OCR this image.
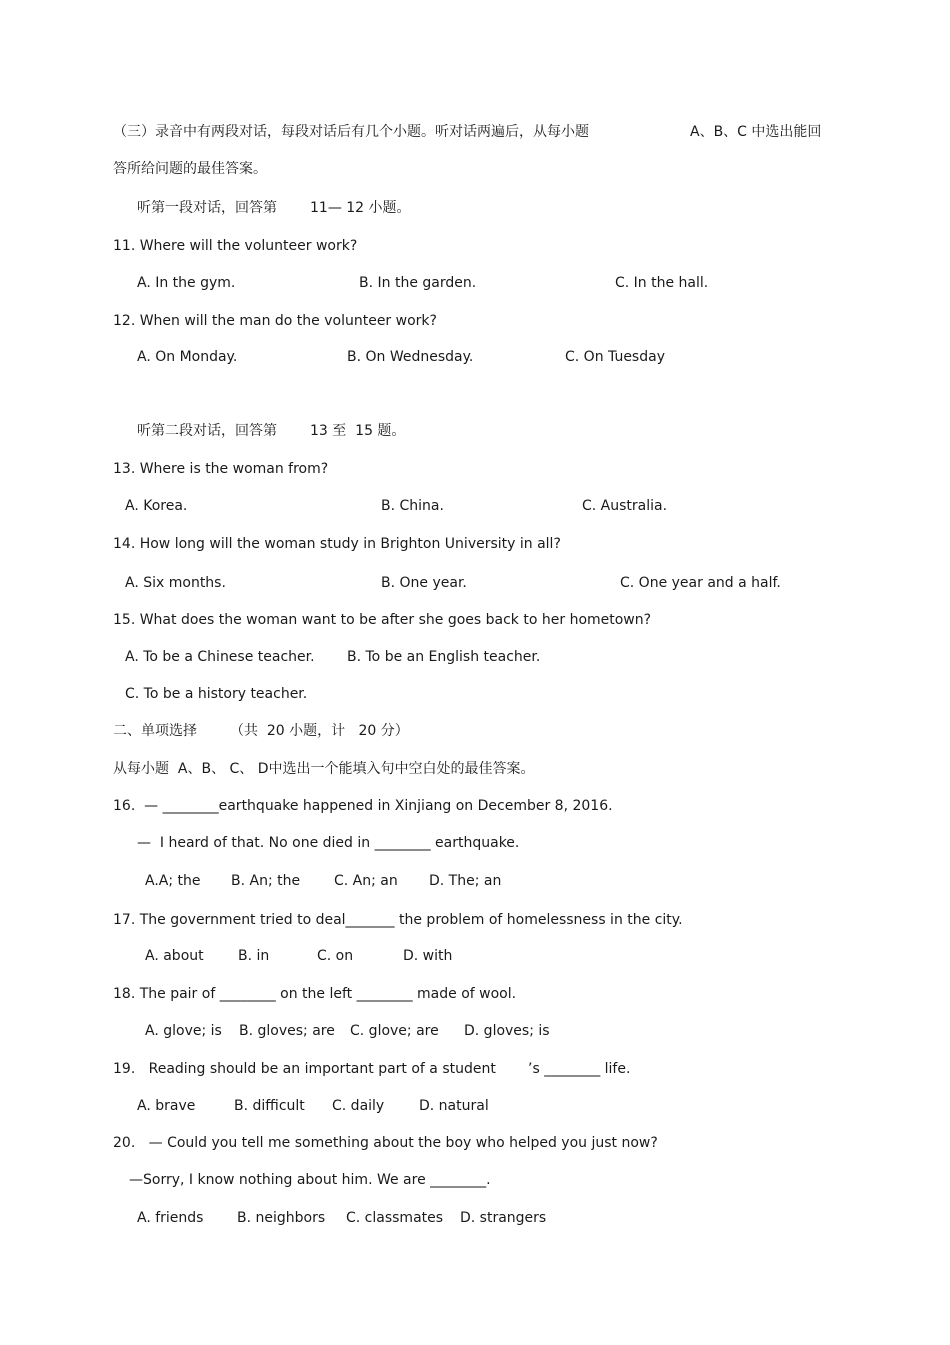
（三）录音中有两段对话，每段对话后有几个小题。听对话两遍后，从每小题	A、B、C 中选出能回
答所给问题的最佳答案。
听第一段对话，回答第 11— 12 小题。
11. Where will the volunteer work?
A. In the gym.	B. In the garden.	C. In the hall.
12. When will the man do the volunteer work?
A. On Monday.	B. On Wednesday.	C. On Tuesday
听第二段对话，回答第 13 至  15 题。
13. Where is the woman from?
A. Korea.	B. China.	C. Australia.
14. How long will the woman study in Brighton University in all?
A. Six months.	B. One year.	C. One year and a half.
15. What does the woman want to be after she goes back to her hometown?
A. To be a Chinese teacher. B. To be an English teacher.
C. To be a history teacher.
二、单项选择 （共  20 小题，计   20 分）
从每小题  A、B、 C、 D中选出一个能填入句中空白处的最佳答案。
16.  — ________earthquake happened in Xinjiang on December 8, 2016.
—  I heard of that. No one died in ________ earthquake.
A.A; the B. An; the C. An; an D. The; an
17. The government tried to deal_______ the problem of homelessness in the city.
A. about B. in	C. on	D. with
18. The pair of ________ on the left ________ made of wool.
A. glove; is B. gloves; are C. glove; are D. gloves; is
19.   Reading should be an important part of a student ’s ________ life.
A. brave	B. difficult C. daily D. natural
20.   — Could you tell me something about the boy who helped you just now?
—Sorry, I know nothing about him. We are ________.
A. friends B. neighbors C. classmates D. strangers
